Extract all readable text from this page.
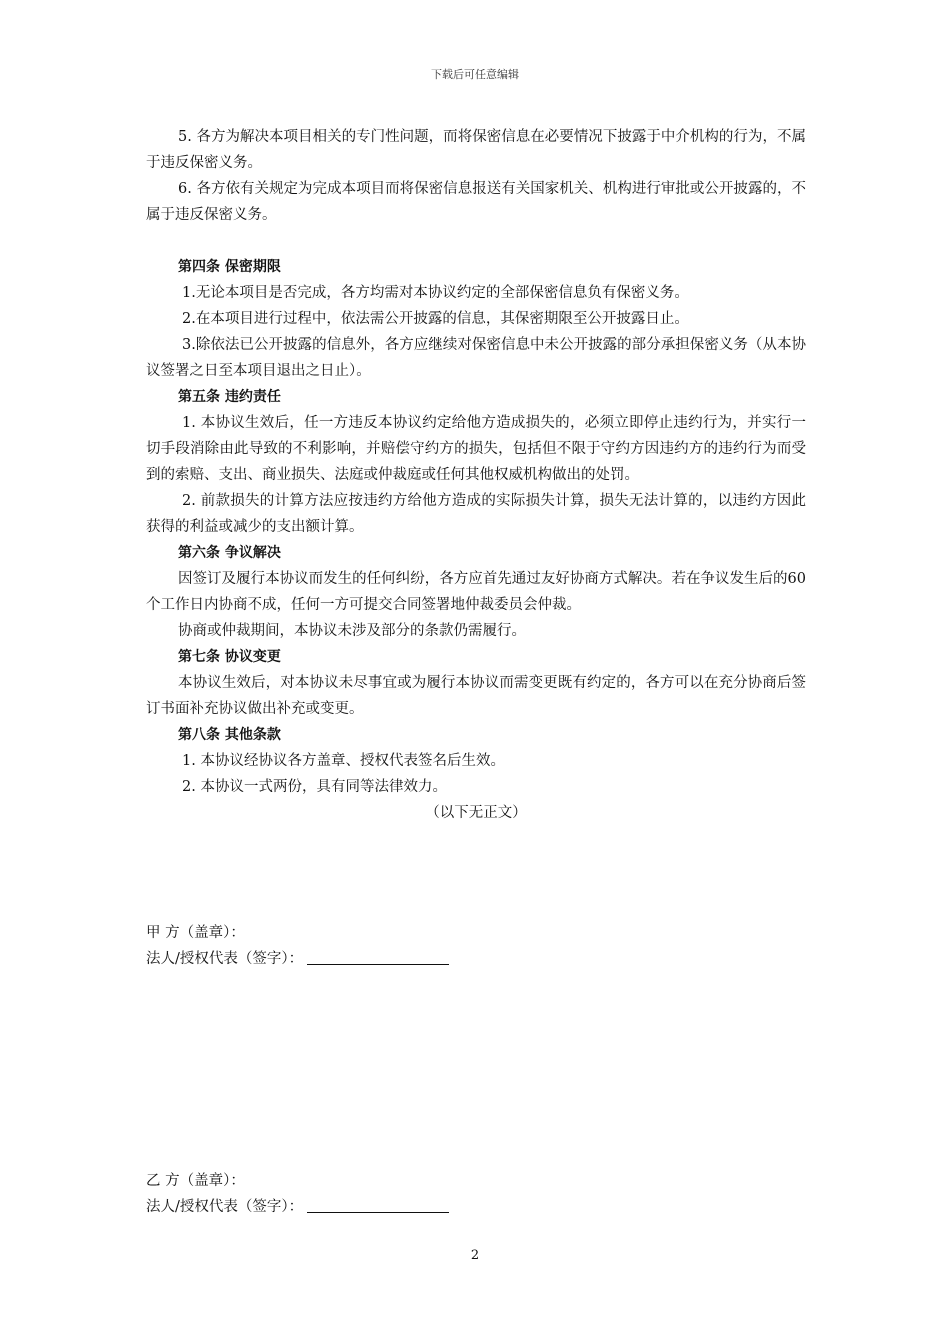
下载后可任意编辑

5. 各方为解决本项目相关的专门性问题，而将保密信息在必要情况下披露于中介机构的行为，不属于违反保密义务。

6. 各方依有关规定为完成本项目而将保密信息报送有关国家机关、机构进行审批或公开披露的，不属于违反保密义务。

第四条 保密期限

1.无论本项目是否完成，各方均需对本协议约定的全部保密信息负有保密义务。

2.在本项目进行过程中，依法需公开披露的信息，其保密期限至公开披露日止。

3.除依法已公开披露的信息外，各方应继续对保密信息中未公开披露的部分承担保密义务（从本协议签署之日至本项目退出之日止）。

第五条 违约责任

1. 本协议生效后，任一方违反本协议约定给他方造成损失的，必须立即停止违约行为，并实行一切手段消除由此导致的不利影响，并赔偿守约方的损失，包括但不限于守约方因违约方的违约行为而受到的索赔、支出、商业损失、法庭或仲裁庭或任何其他权威机构做出的处罚。

2. 前款损失的计算方法应按违约方给他方造成的实际损失计算，损失无法计算的，以违约方因此获得的利益或减少的支出额计算。

第六条 争议解决

因签订及履行本协议而发生的任何纠纷，各方应首先通过友好协商方式解决。若在争议发生后的60个工作日内协商不成，任何一方可提交合同签署地仲裁委员会仲裁。

协商或仲裁期间，本协议未涉及部分的条款仍需履行。

第七条 协议变更

本协议生效后，对本协议未尽事宜或为履行本协议而需变更既有约定的，各方可以在充分协商后签订书面补充协议做出补充或变更。

第八条 其他条款

1. 本协议经协议各方盖章、授权代表签名后生效。

2. 本协议一式两份，具有同等法律效力。

（以下无正文）

甲 方（盖章）：
法人/授权代表（签字）：
乙 方（盖章）：
法人/授权代表（签字）：
2
